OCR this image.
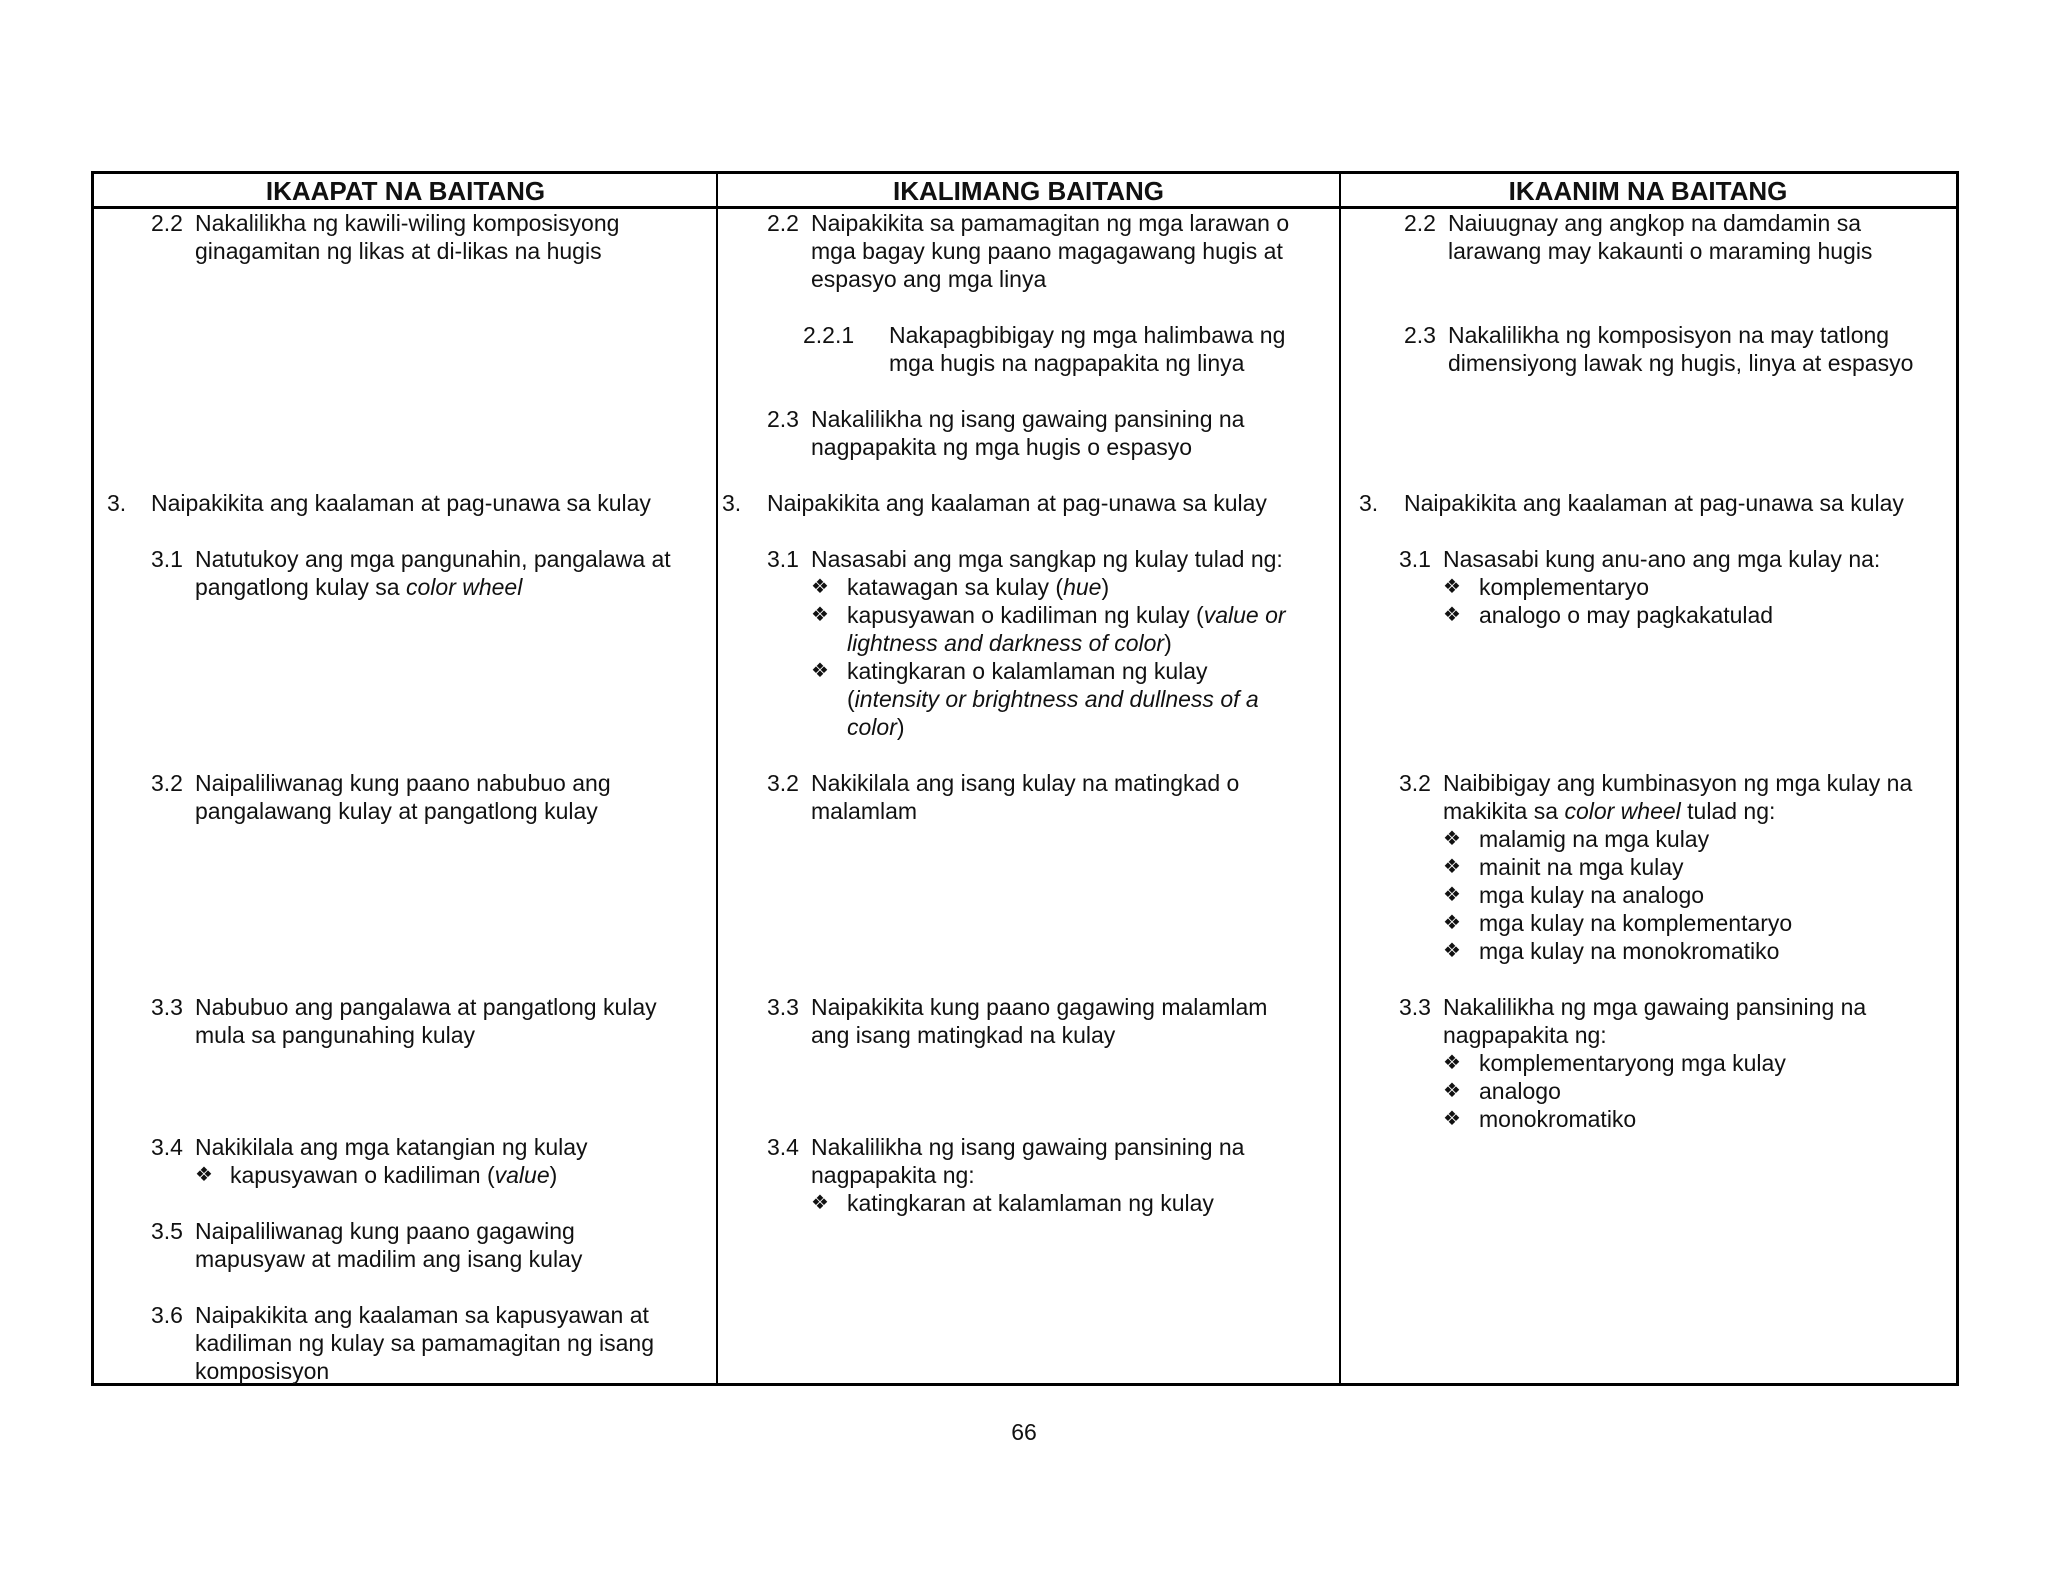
IKAAPAT NA BAITANG	IKALIMANG BAITANG	IKAANIM NA BAITANG
2.2 Nakalilikha ng kawili-wiling komposisyong
ginagamitan ng likas at di-likas na hugis
3. Naipakikita ang kaalaman at pag-unawa sa kulay
3.1 Natutukoy ang mga pangunahin, pangalawa at
pangatlong kulay sa color wheel
3.2 Naipaliliwanag kung paano nabubuo ang
pangalawang kulay at pangatlong kulay
3.3 Nabubuo ang pangalawa at pangatlong kulay
mula sa pangunahing kulay
3.4 Nakikilala ang mga katangian ng kulay
❖ kapusyawan o kadiliman (value)
3.5 Naipaliliwanag kung paano gagawing
mapusyaw at madilim ang isang kulay
3.6 Naipakikita ang kaalaman sa kapusyawan at
kadiliman ng kulay sa pamamagitan ng isang
komposisyon
2.2 Naipakikita sa pamamagitan ng mga larawan o
mga bagay kung paano magagawang hugis at
espasyo ang mga linya
2.2.1 Nakapagbibigay ng mga halimbawa ng
mga hugis na nagpapakita ng linya
2.3 Nakalilikha ng isang gawaing pansining na
nagpapakita ng mga hugis o espasyo
3. Naipakikita ang kaalaman at pag-unawa sa kulay
3.1 Nasasabi ang mga sangkap ng kulay tulad ng:
❖ katawagan sa kulay (hue)
❖ kapusyawan o kadiliman ng kulay (value or
lightness and darkness of color)
❖ katingkaran o kalamlaman ng kulay
(intensity or brightness and dullness of a
color)
3.2 Nakikilala ang isang kulay na matingkad o
malamlam
3.3 Naipakikita kung paano gagawing malamlam
ang isang matingkad na kulay
3.4 Nakalilikha ng isang gawaing pansining na
nagpapakita ng:
❖ katingkaran at kalamlaman ng kulay
2.2 Naiuugnay ang angkop na damdamin sa
larawang may kakaunti o maraming hugis
2.3 Nakalilikha ng komposisyon na may tatlong
dimensiyong lawak ng hugis, linya at espasyo
3. Naipakikita ang kaalaman at pag-unawa sa kulay
3.1 Nasasabi kung anu-ano ang mga kulay na:
❖ komplementaryo
❖ analogo o may pagkakatulad
3.2 Naibibigay ang kumbinasyon ng mga kulay na
makikita sa color wheel tulad ng:
❖ malamig na mga kulay
❖ mainit na mga kulay
❖ mga kulay na analogo
❖ mga kulay na komplementaryo
❖ mga kulay na monokromatiko
3.3 Nakalilikha ng mga gawaing pansining na
nagpapakita ng:
❖ komplementaryong mga kulay
❖ analogo
❖ monokromatiko
66
